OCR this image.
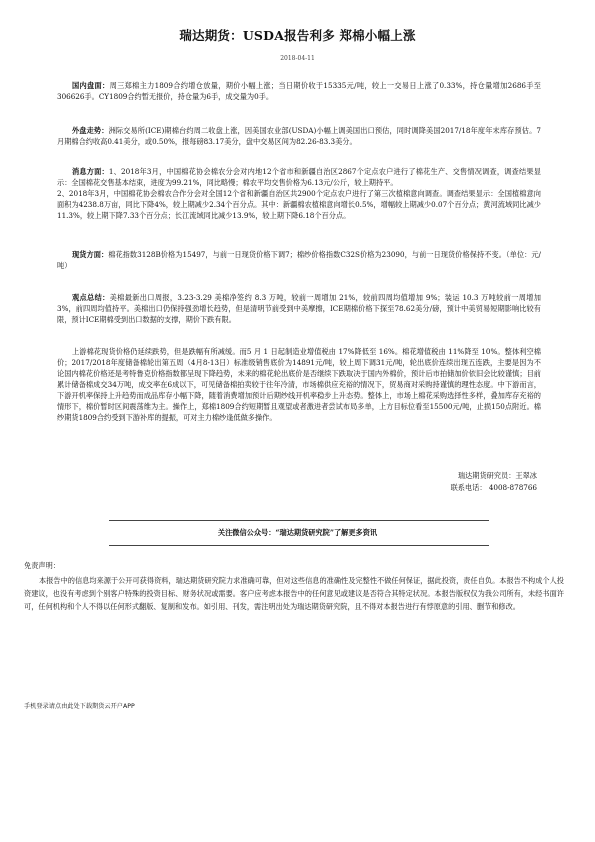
瑞达期货：USDA报告利多 郑棉小幅上涨
2018-04-11

国内盘面：周三郑棉主力1809合约增仓放量，期价小幅上涨；当日期价收于15335元/吨，较上一交易日上涨了0.33%，持仓量增加2686手至306626手。CY1809合约暂无报价，持仓量为6手，成交量为0手。

外盘走势：洲际交易所(ICE)期棉台约周二收盘上涨，因美国农业部(USDA)小幅上调美国出口预估，同时调降美国2017/18年度年末库存预估。7月期棉合约收高0.41美分，或0.50%，报每磅83.17美分，盘中交易区间为82.26-83.3美分。

消息方面：1、2018年3月，中国棉花协会棉农分会对内地12个省市和新疆自治区2867个定点农户进行了棉花生产、交售情况调查，调查结果显示：全国棉花交售基本结束，进度为99.21%，同比略慢；棉农平均交售价格为6.13元/公斤，较上期持平。

2、2018年3月，中国棉花协会棉农合作分会对全国12个省和新疆自治区共2900个定点农户进行了第三次植棉意向调查。调查结果显示：全国植棉意向面积为4238.8万亩，同比下降4%，较上期减少2.34个百分点。其中：新疆棉农植棉意向增长0.5%，增幅较上期减少0.07个百分点；黄河流域同比减少11.3%，较上期下降7.33个百分点；长江流域同比减少13.9%，较上期下降6.18个百分点。

现货方面：棉花指数3128B价格为15497，与前一日现货价格下调7；棉纱价格指数C32S价格为23090，与前一日现货价格保持不变。（单位：元/吨）

观点总结：美棉最新出口周报，3.23-3.29 美棉净签约 8.3 万吨，较前一周增加 21%，较前四周均值增加 9%；装运 10.3 万吨较前一周增加 3%，前四周均值持平。美棉出口仍保持强劲增长趋势，但是清明节前受到中美摩擦，ICE期棉价格下探至78.62美分/磅，预计中美贸易短期影响比较有限，预计ICE期棉受到出口数据的支撑，期价下跌有限。

上游棉花现货价格仍延续跌势，但是跌幅有所减缓。而5 月 1 日起制造业增值税由 17%降低至 16%。棉花增值税由 11%降至 10%。整体利空棉价；2017/2018年度储备棉轮出第五周（4月8-13日）标准级销售底价为14891元/吨，较上周下调31元/吨，轮出底价连续出现五连跌，主要是因为不论国内棉花价格还是考特鲁克价格指数都呈现下降趋势，未来的棉花轮出底价是否继续下跌取决于国内外棉价，预计后市拍储加价依旧会比较谨慎；目前累计储备棉成交34万吨，成交率在6成以下，可见储备棉拍卖较于往年冷清，市场棉供应充裕的情况下，贸易商对采购持谨慎的理性态度。中下游而言，下游开机率保持上升趋势而成品库存小幅下降，随着消费增加预计后期纱线开机率稳步上升态势。整体上，市场上棉花采购选择性多样，叠加库存充裕的情形下，棉价暂时区间震荡维为主。操作上，郑棉1809合约短期暂且观望或者激进者尝试布局多单，上方目标位看至15500元/吨，止损150点附近。棉纱期货1809合约受到下游补库的提振，可对主力棉纱逢低做多操作。

瑞达期货研究员：王翠冰
联系电话： 4008-878766
关注微信公众号：“瑞达期货研究院”了解更多资讯
免责声明：
本报告中的信息均来源于公开可获得资料，瑞达期货研究院力求准确可靠，但对这些信息的准确性及完整性不做任何保证，据此投资，责任自负。本报告不构成个人投资建议，也没有考虑到个别客户特殊的投资目标、财务状况或需要。客户应考虑本报告中的任何意见或建议是否符合其特定状况。本报告版权仅为我公司所有，未经书面许可，任何机构和个人不得以任何形式翻版、复制和发布。如引用、刊发，需注明出处为瑞达期货研究院，且不得对本报告进行有悖原意的引用、删节和修改。
手机登录请点由此处下载期货云开户APP
